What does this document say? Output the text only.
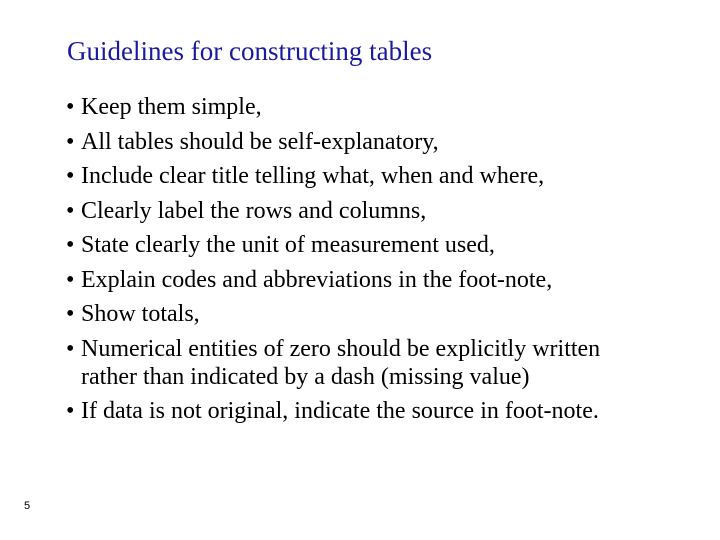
Guidelines for constructing tables
• Keep them simple,
• All tables should be self-explanatory,
• Include clear title telling what, when and where,
• Clearly label the rows and columns,
• State clearly the unit of measurement used,
• Explain codes and abbreviations in the foot-note,
• Show totals,
• Numerical entities of zero should be explicitly written rather than indicated by a dash (missing value)
• If data is not original, indicate the source in foot-note.
5
